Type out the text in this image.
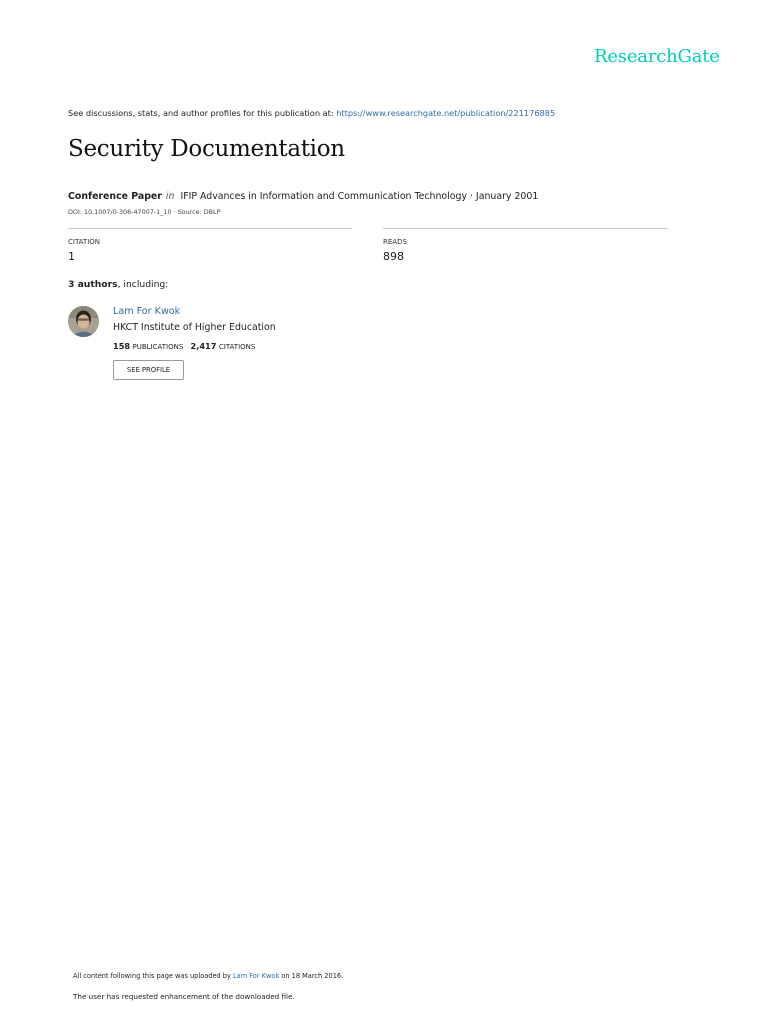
ResearchGate
See discussions, stats, and author profiles for this publication at: https://www.researchgate.net/publication/221176885
Security Documentation
Conference Paper in IFIP Advances in Information and Communication Technology · January 2001
DOI: 10.1007/0-306-47007-1_10 · Source: DBLP
CITATION
1
READS
898
3 authors, including:
Lam For Kwok
HKCT Institute of Higher Education
158 PUBLICATIONS 2,417 CITATIONS
SEE PROFILE
All content following this page was uploaded by Lam For Kwok on 18 March 2016.
The user has requested enhancement of the downloaded file.
